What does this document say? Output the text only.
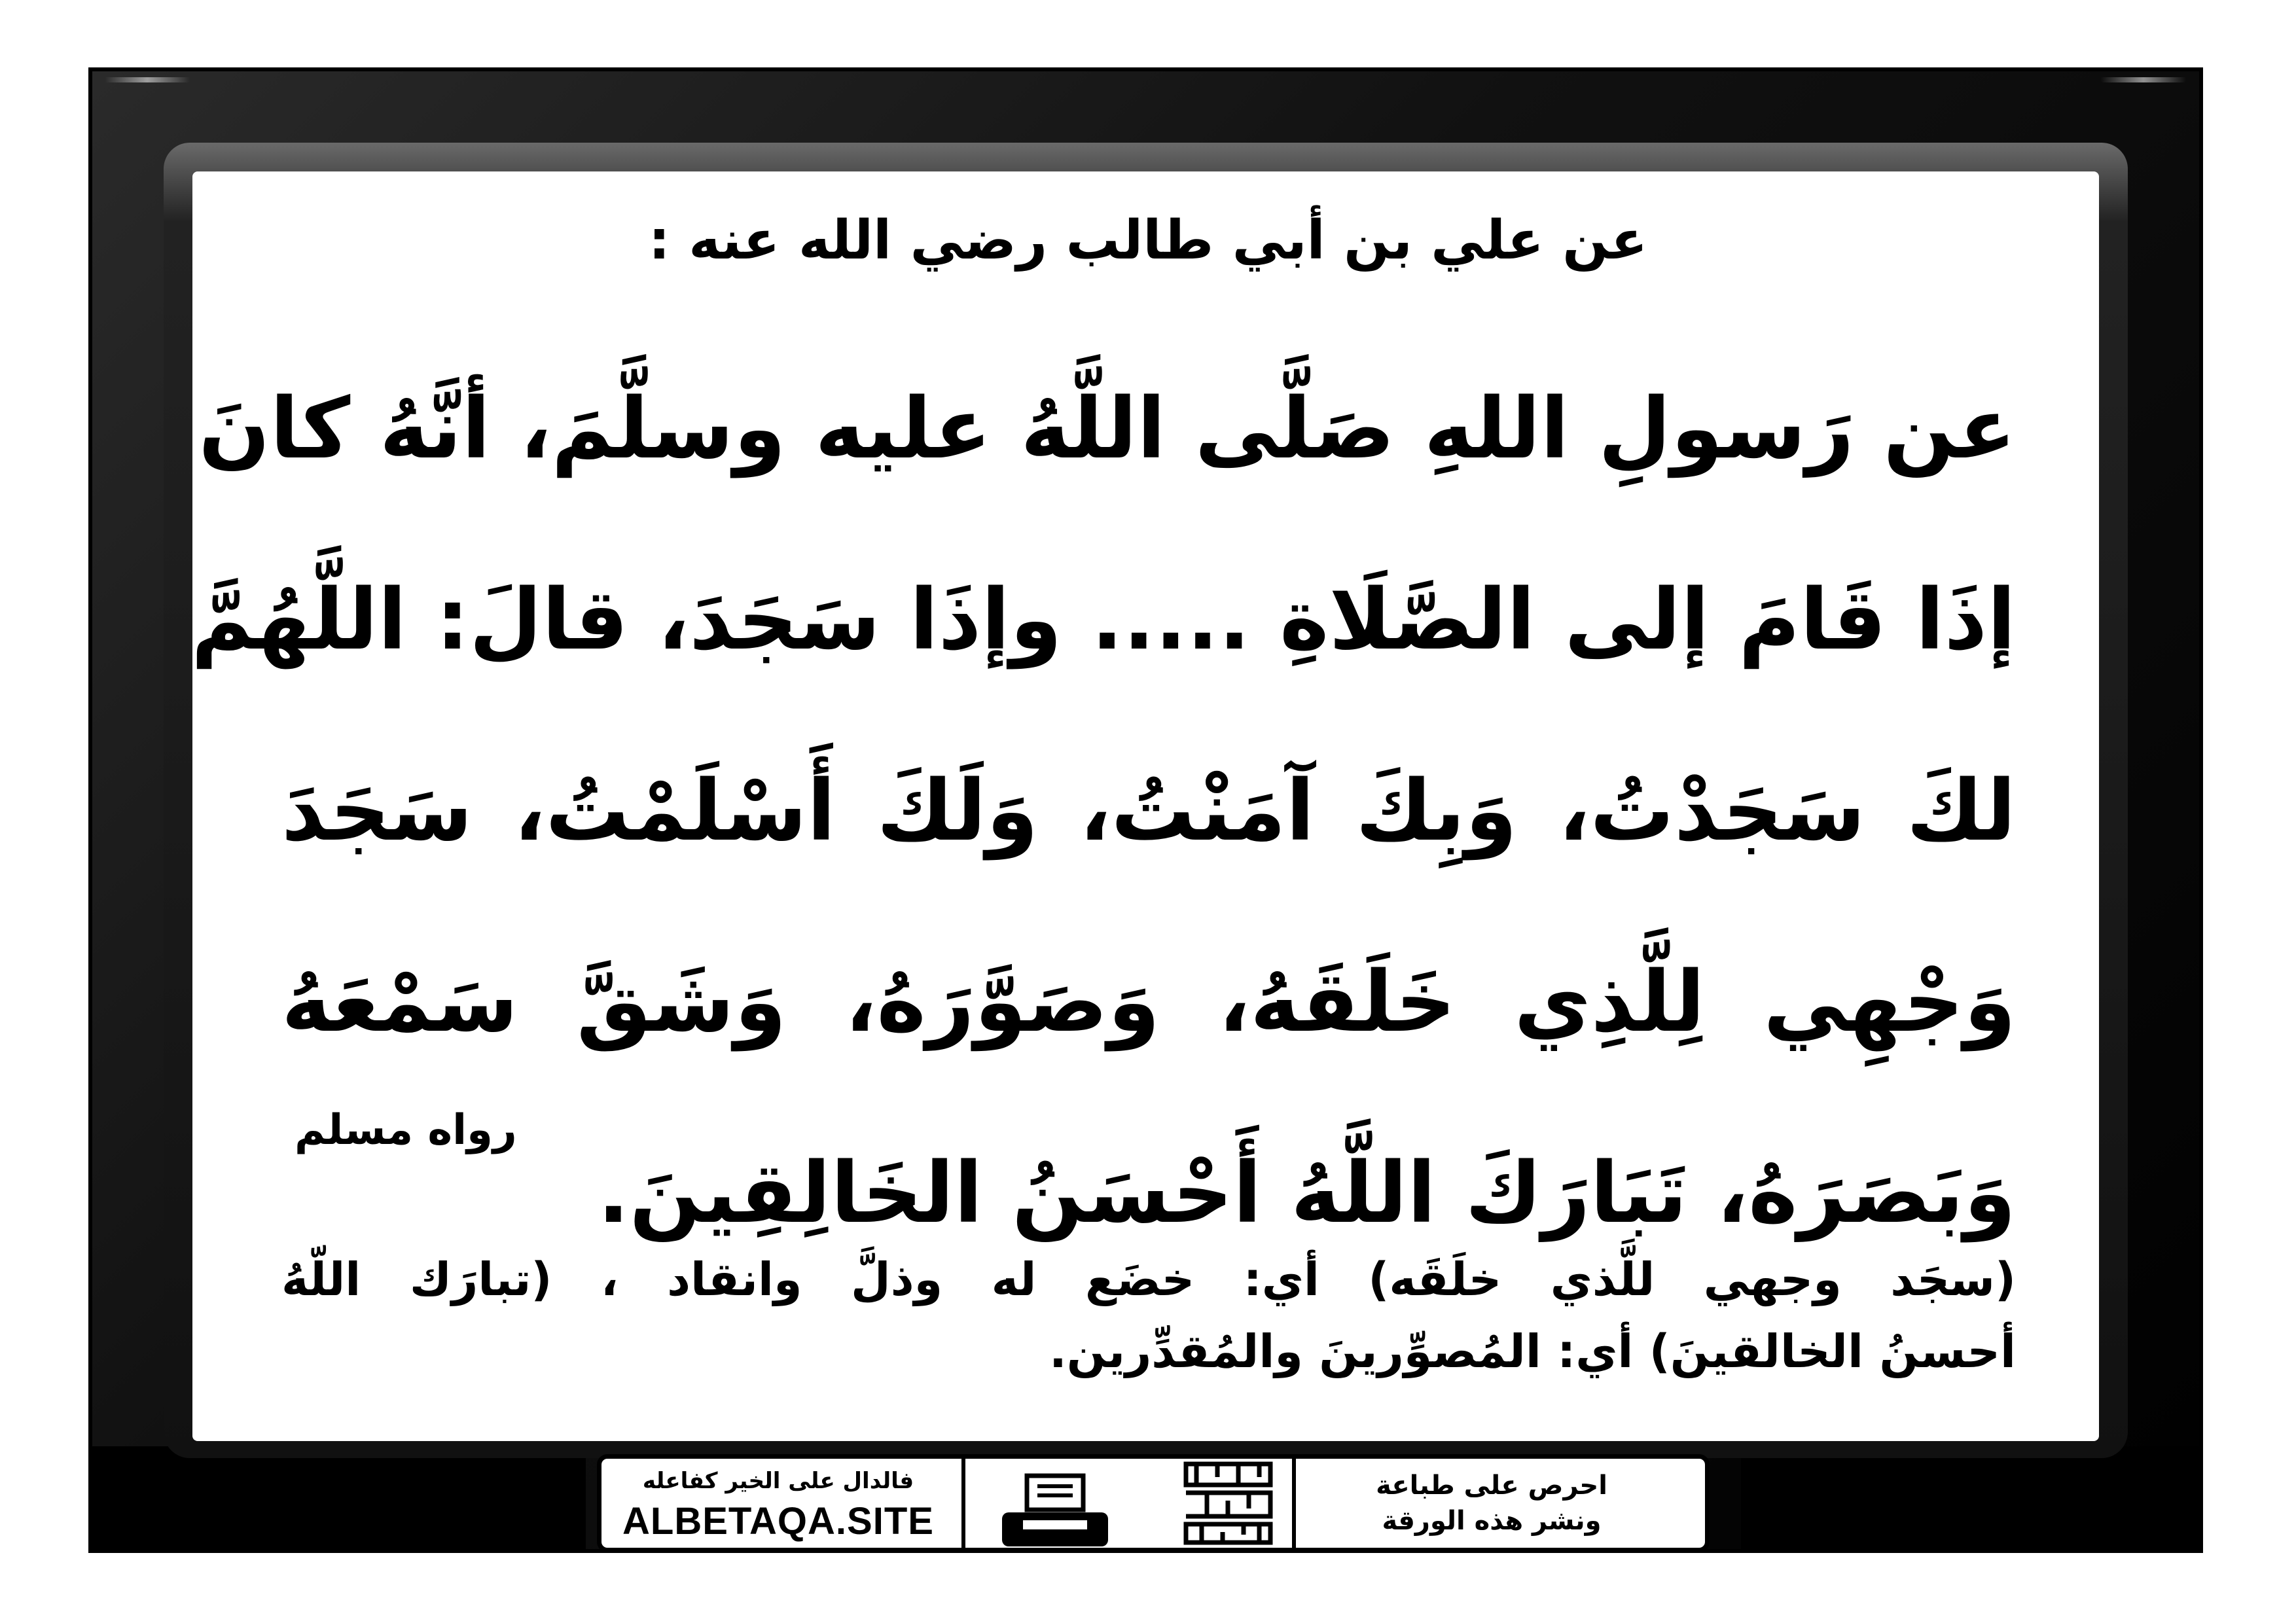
عن علي بن أبي طالب رضي الله عنه :
عن رَسولِ اللهِ صَلَّى اللَّهُ عليه وسلَّمَ، أنَّهُ كانَ
إذَا قَامَ إلى الصَّلَاةِ ..... وإذَا سَجَدَ، قالَ: اللَّهُمَّ
لكَ سَجَدْتُ، وَبِكَ آمَنْتُ، وَلَكَ أَسْلَمْتُ، سَجَدَ
وَجْهِي لِلَّذِي خَلَقَهُ، وَصَوَّرَهُ، وَشَقَّ سَمْعَهُ
وَبَصَرَهُ، تَبَارَكَ اللَّهُ أَحْسَنُ الخَالِقِينَ.
رواه مسلم
(سجَد وجهي للَّذي خلَقَه) أي: خضَع له وذلَّ وانقاد ، (تبارَك اللّهُ
أحسنُ الخالقينَ) أي: المُصوِّرينَ والمُقدِّرين.
فالدال على الخير كفاعله
ALBETAQA.SITE
احرص على طباعة
ونشر هذه الورقة
